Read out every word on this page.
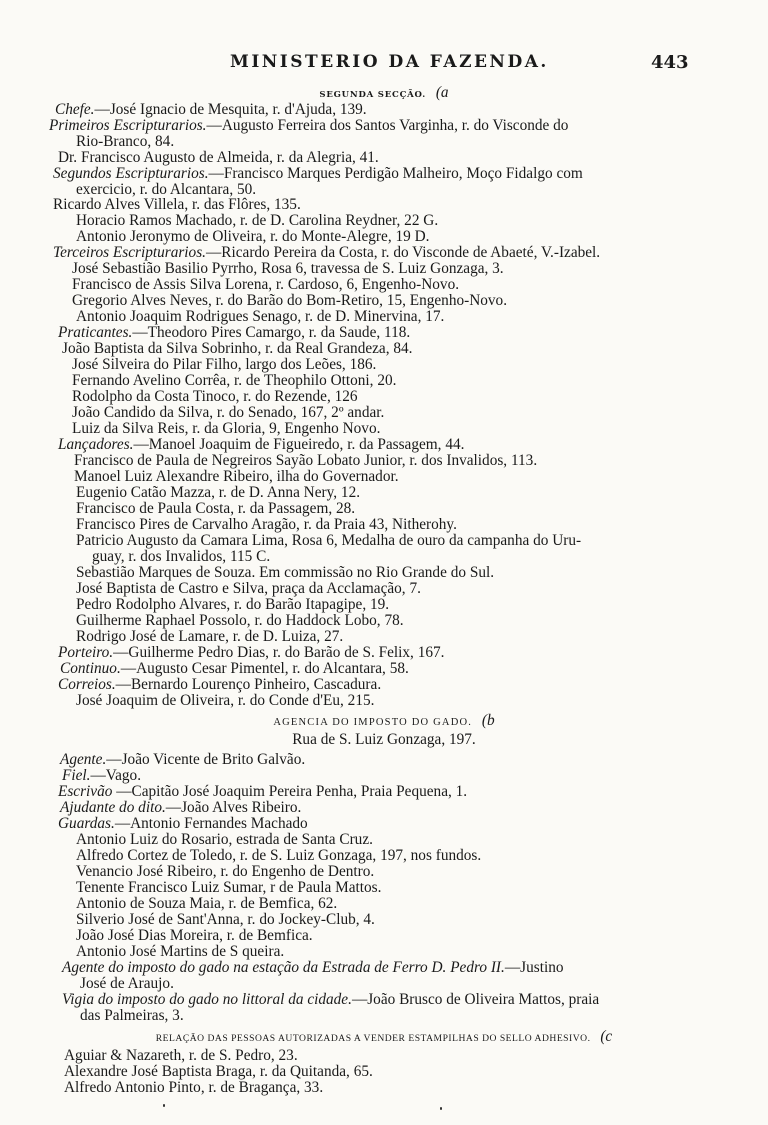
MINISTERIO DA FAZENDA.	443
SEGUNDA SECÇÃO. (a
Chefe.—José Ignacio de Mesquita, r. d'Ajuda, 139.
Primeiros Escripturarios.—Augusto Ferreira dos Santos Varginha, r. do Visconde do
Rio-Branco, 84.
Dr. Francisco Augusto de Almeida, r. da Alegria, 41.
Segundos Escripturarios.—Francisco Marques Perdigão Malheiro, Moço Fidalgo com
exercicio, r. do Alcantara, 50.
Ricardo Alves Villela, r. das Flôres, 135.
Horacio Ramos Machado, r. de D. Carolina Reydner, 22 G.
Antonio Jeronymo de Oliveira, r. do Monte-Alegre, 19 D.
Terceiros Escripturarios.—Ricardo Pereira da Costa, r. do Visconde de Abaeté, V.-Izabel.
José Sebastião Basilio Pyrrho, Rosa 6, travessa de S. Luiz Gonzaga, 3.
Francisco de Assis Silva Lorena, r. Cardoso, 6, Engenho-Novo.
Gregorio Alves Neves, r. do Barão do Bom-Retiro, 15, Engenho-Novo.
Antonio Joaquim Rodrigues Senago, r. de D. Minervina, 17.
Praticantes.—Theodoro Pires Camargo, r. da Saude, 118.
João Baptista da Silva Sobrinho, r. da Real Grandeza, 84.
José Silveira do Pilar Filho, largo dos Leões, 186.
Fernando Avelino Corrêa, r. de Theophilo Ottoni, 20.
Rodolpho da Costa Tinoco, r. do Rezende, 126
João Candido da Silva, r. do Senado, 167, 2º andar.
Luiz da Silva Reis, r. da Gloria, 9, Engenho Novo.
Lançadores.—Manoel Joaquim de Figueiredo, r. da Passagem, 44.
Francisco de Paula de Negreiros Sayão Lobato Junior, r. dos Invalidos, 113.
Manoel Luiz Alexandre Ribeiro, ilha do Governador.
Eugenio Catão Mazza, r. de D. Anna Nery, 12.
Francisco de Paula Costa, r. da Passagem, 28.
Francisco Pires de Carvalho Aragão, r. da Praia 43, Nitherohy.
Patricio Augusto da Camara Lima, Rosa 6, Medalha de ouro da campanha do Uru-
guay, r. dos Invalidos, 115 C.
Sebastião Marques de Souza. Em commissão no Rio Grande do Sul.
José Baptista de Castro e Silva, praça da Acclamação, 7.
Pedro Rodolpho Alvares, r. do Barão Itapagipe, 19.
Guilherme Raphael Possolo, r. do Haddock Lobo, 78.
Rodrigo José de Lamare, r. de D. Luiza, 27.
Porteiro.—Guilherme Pedro Dias, r. do Barão de S. Felix, 167.
Continuo.—Augusto Cesar Pimentel, r. do Alcantara, 58.
Correios.—Bernardo Lourenço Pinheiro, Cascadura.
José Joaquim de Oliveira, r. do Conde d'Eu, 215.
AGENCIA DO IMPOSTO DO GADO. (b
Rua de S. Luiz Gonzaga, 197.
Agente.—João Vicente de Brito Galvão.
Fiel.—Vago.
Escrivão —Capitão José Joaquim Pereira Penha, Praia Pequena, 1.
Ajudante do dito.—João Alves Ribeiro.
Guardas.—Antonio Fernandes Machado
Antonio Luiz do Rosario, estrada de Santa Cruz.
Alfredo Cortez de Toledo, r. de S. Luiz Gonzaga, 197, nos fundos.
Venancio José Ribeiro, r. do Engenho de Dentro.
Tenente Francisco Luiz Sumar, r de Paula Mattos.
Antonio de Souza Maia, r. de Bemfica, 62.
Silverio José de Sant'Anna, r. do Jockey-Club, 4.
João José Dias Moreira, r. de Bemfica.
Antonio José Martins de S queira.
Agente do imposto do gado na estação da Estrada de Ferro D. Pedro II.—Justino
José de Araujo.
Vigia do imposto do gado no littoral da cidade.—João Brusco de Oliveira Mattos, praia
das Palmeiras, 3.
RELAÇÃO DAS PESSOAS AUTORIZADAS A VENDER ESTAMPILHAS DO SELLO ADHESIVO. (c
Aguiar & Nazareth, r. de S. Pedro, 23.
Alexandre José Baptista Braga, r. da Quitanda, 65.
Alfredo Antonio Pinto, r. de Bragança, 33.
